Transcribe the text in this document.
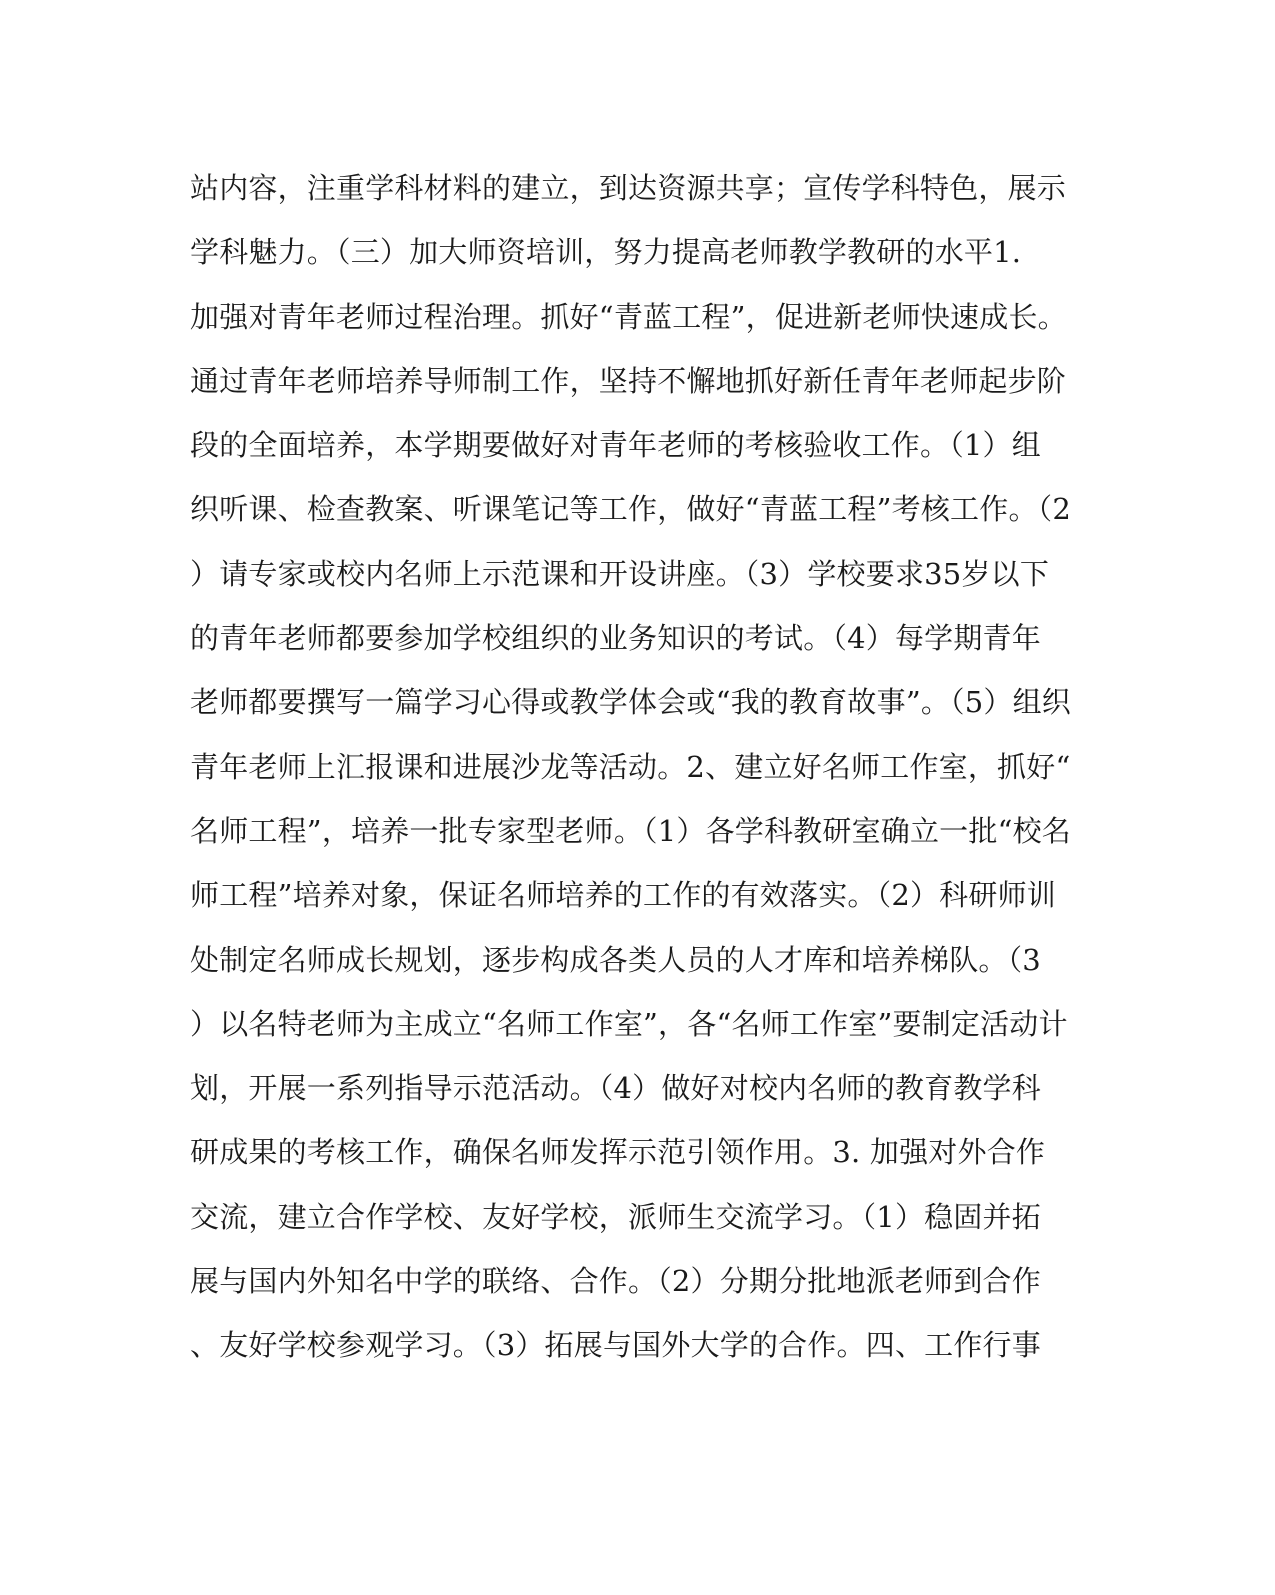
站内容，注重学科材料的建立，到达资源共享；宣传学科特色，展示
学科魅力。（三）加大师资培训，努力提高老师教学教研的水平1.
加强对青年老师过程治理。抓好“青蓝工程”，促进新老师快速成长。
通过青年老师培养导师制工作，坚持不懈地抓好新任青年老师起步阶
段的全面培养，本学期要做好对青年老师的考核验收工作。（1）组
织听课、检查教案、听课笔记等工作，做好“青蓝工程”考核工作。（2
）请专家或校内名师上示范课和开设讲座。（3）学校要求35岁以下
的青年老师都要参加学校组织的业务知识的考试。（4）每学期青年
老师都要撰写一篇学习心得或教学体会或“我的教育故事”。（5）组织
青年老师上汇报课和进展沙龙等活动。2、建立好名师工作室，抓好“
名师工程”，培养一批专家型老师。（1）各学科教研室确立一批“校名
师工程”培养对象，保证名师培养的工作的有效落实。（2）科研师训
处制定名师成长规划，逐步构成各类人员的人才库和培养梯队。（3
）以名特老师为主成立“名师工作室”，各“名师工作室”要制定活动计
划，开展一系列指导示范活动。（4）做好对校内名师的教育教学科
研成果的考核工作，确保名师发挥示范引领作用。3. 加强对外合作
交流，建立合作学校、友好学校，派师生交流学习。（1）稳固并拓
展与国内外知名中学的联络、合作。（2）分期分批地派老师到合作
、友好学校参观学习。（3）拓展与国外大学的合作。四、工作行事
